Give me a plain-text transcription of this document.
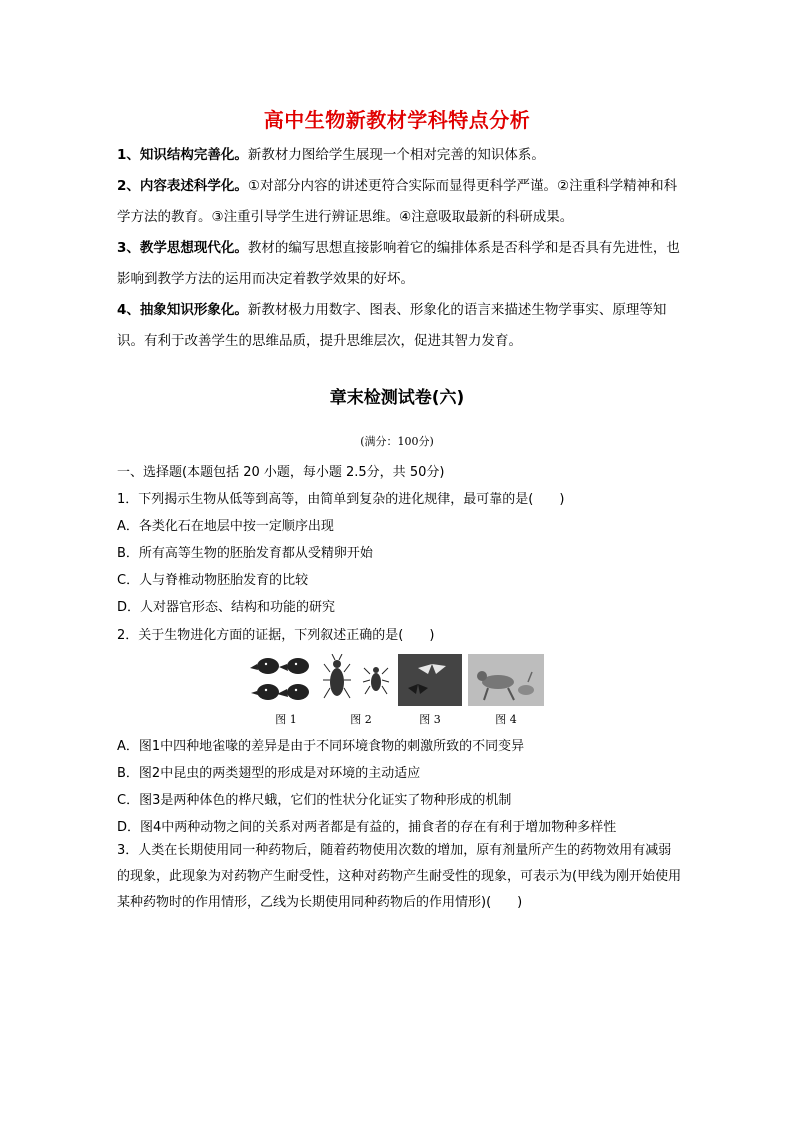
高中生物新教材学科特点分析
1、知识结构完善化。新教材力图给学生展现一个相对完善的知识体系。
2、内容表述科学化。①对部分内容的讲述更符合实际而显得更科学严谨。②注重科学精神和科学方法的教育。③注重引导学生进行辨证思维。④注意吸取最新的科研成果。
3、教学思想现代化。教材的编写思想直接影响着它的编排体系是否科学和是否具有先进性，也影响到教学方法的运用而决定着教学效果的好坏。
4、抽象知识形象化。新教材极力用数字、图表、形象化的语言来描述生物学事实、原理等知识。有利于改善学生的思维品质，提升思维层次，促进其智力发育。
章末检测试卷(六)
(满分：100分)
一、选择题(本题包括 20 小题，每小题 2.5分，共 50分)
1．下列揭示生物从低等到高等，由简单到复杂的进化规律，最可靠的是(　　)
A．各类化石在地层中按一定顺序出现
B．所有高等生物的胚胎发育都从受精卵开始
C．人与脊椎动物胚胎发育的比较
D．人对器官形态、结构和功能的研究
2．关于生物进化方面的证据，下列叙述正确的是(　　)
图 1	图 2	图 3	图 4
A．图1中四种地雀喙的差异是由于不同环境食物的刺激所致的不同变异
B．图2中昆虫的两类翅型的形成是对环境的主动适应
C．图3是两种体色的桦尺蛾，它们的性状分化证实了物种形成的机制
D．图4中两种动物之间的关系对两者都是有益的，捕食者的存在有利于增加物种多样性
3．人类在长期使用同一种药物后，随着药物使用次数的增加，原有剂量所产生的药物效用有减弱的现象，此现象为对药物产生耐受性，这种对药物产生耐受性的现象，可表示为(甲线为刚开始使用某种药物时的作用情形，乙线为长期使用同种药物后的作用情形)(　　)
